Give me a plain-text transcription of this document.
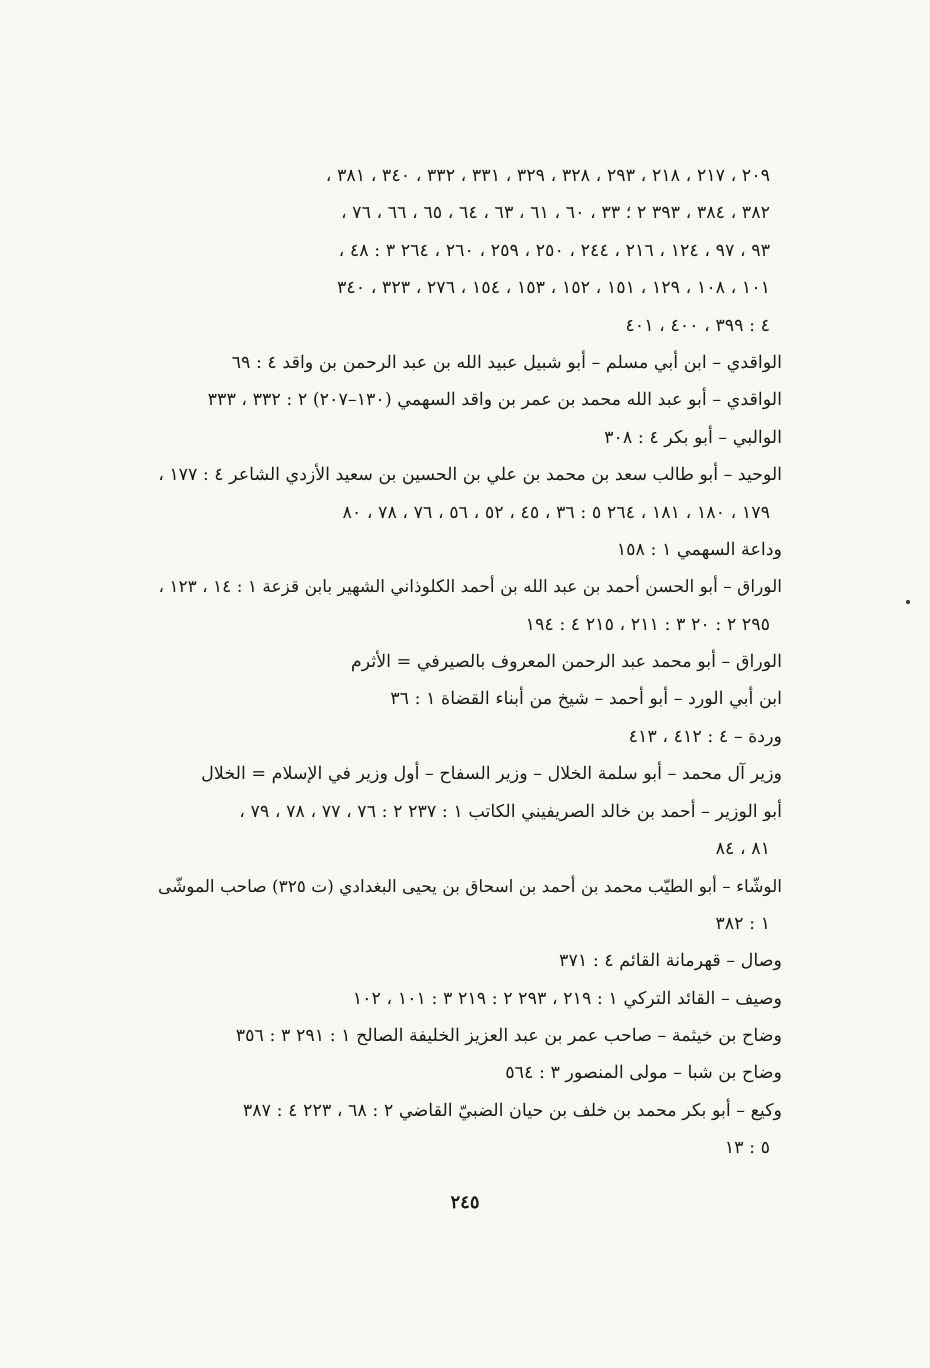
٢٠٩ ، ٢١٧ ، ٢١٨ ، ٢٩٣ ، ٣٢٨ ، ٣٢٩ ، ٣٣١ ، ٣٣٢ ، ٣٤٠ ، ٣٨١ ،
٣٨٢ ، ٣٨٤ ، ٣٩٣ ٢ ؛ ٣٣ ، ٦٠ ، ٦١ ، ٦٣ ، ٦٤ ، ٦٥ ، ٦٦ ، ٧٦ ،
٩٣ ، ٩٧ ، ١٢٤ ، ٢١٦ ، ٢٤٤ ، ٢٥٠ ، ٢٥٩ ، ٢٦٠ ، ٢٦٤ ٣ : ٤٨ ،
١٠١ ، ١٠٨ ، ١٢٩ ، ١٥١ ، ١٥٢ ، ١٥٣ ، ١٥٤ ، ٢٧٦ ، ٣٢٣ ، ٣٤٠
٤ : ٣٩٩ ، ٤٠٠ ، ٤٠١
الواقدي – ابن أبي مسلم – أبو شبيل عبيد الله بن عبد الرحمن بن واقد ٤ : ٦٩
الواقدي – أبو عبد الله محمد بن عمر بن واقد السهمي (١٣٠–٢٠٧) ٢ : ٣٣٢ ، ٣٣٣
الوالبي – أبو بكر ٤ : ٣٠٨
الوحيد – أبو طالب سعد بن محمد بن علي بن الحسين بن سعيد الأزدي الشاعر ٤ : ١٧٧ ،
١٧٩ ، ١٨٠ ، ١٨١ ، ٢٦٤ ٥ : ٣٦ ، ٤٥ ، ٥٢ ، ٥٦ ، ٧٦ ، ٧٨ ، ٨٠
وداعة السهمي ١ : ١٥٨
الوراق – أبو الحسن أحمد بن عبد الله بن أحمد الكلوذاني الشهير بابن قزعة ١ : ١٤ ، ١٢٣ ،
٢٩٥ ٢ : ٢٠ ٣ : ٢١١ ، ٢١٥ ٤ : ١٩٤
الوراق – أبو محمد عبد الرحمن المعروف بالصيرفي = الأثرم
ابن أبي الورد – أبو أحمد – شيخ من أبناء القضاة ١ : ٣٦
وردة – ٤ : ٤١٢ ، ٤١٣
وزير آل محمد – أبو سلمة الخلال – وزير السفاح – أول وزير في الإسلام = الخلال
أبو الوزير – أحمد بن خالد الصريفيني الكاتب ١ : ٢٣٧ ٢ : ٧٦ ، ٧٧ ، ٧٨ ، ٧٩ ،
٨١ ، ٨٤
الوشّاء – أبو الطيّب محمد بن أحمد بن اسحاق بن يحيى البغدادي (ت ٣٢٥) صاحب الموشّى
١ : ٣٨٢
وصال – قهرمانة القائم ٤ : ٣٧١
وصيف – القائد التركي ١ : ٢١٩ ، ٢٩٣ ٢ : ٢١٩ ٣ : ١٠١ ، ١٠٢
وضاح بن خيثمة – صاحب عمر بن عبد العزيز الخليفة الصالح ١ : ٢٩١ ٣ : ٣٥٦
وضاح بن شبا – مولى المنصور ٣ : ٥٦٤
وكيع – أبو بكر محمد بن خلف بن حيان الضبيّ القاضي ٢ : ٦٨ ، ٢٢٣ ٤ : ٣٨٧
٥ : ١٣
٢٤٥
